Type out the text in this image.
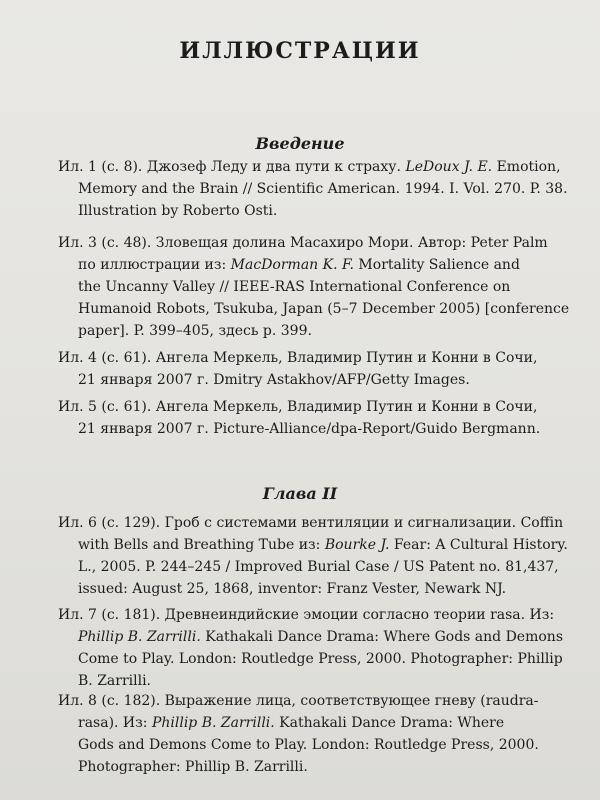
ИЛЛЮСТРАЦИИ
Введение
Ил. 1 (с. 8). Джозеф Леду и два пути к страху. LeDoux J. E. Emotion,
Memory and the Brain // Scientific American. 1994. I. Vol. 270. P. 38.
Illustration by Roberto Osti.
Ил. 3 (с. 48). Зловещая долина Масахиро Мори. Автор: Peter Palm
по иллюстрации из: MacDorman K. F. Mortality Salience and
the Uncanny Valley // IEEE-RAS International Conference on
Humanoid Robots, Tsukuba, Japan (5–7 December 2005) [conference
paper]. P. 399–405, здесь р. 399.
Ил. 4 (с. 61). Ангела Меркель, Владимир Путин и Конни в Сочи,
21 января 2007 г. Dmitry Astakhov/AFP/Getty Images.
Ил. 5 (с. 61). Ангела Меркель, Владимир Путин и Конни в Сочи,
21 января 2007 г. Picture-Alliance/dpa-Report/Guido Bergmann.
Глава II
Ил. 6 (с. 129). Гроб с системами вентиляции и сигнализации. Coffin
with Bells and Breathing Tube из: Bourke J. Fear: A Cultural History.
L., 2005. P. 244–245 / Improved Burial Case / US Patent no. 81,437,
issued: August 25, 1868, inventor: Franz Vester, Newark NJ.
Ил. 7 (с. 181). Древнеиндийские эмоции согласно теории rasa. Из:
Phillip B. Zarrilli. Kathakali Dance Drama: Where Gods and Demons
Come to Play. London: Routledge Press, 2000. Photographer: Phillip
B. Zarrilli.
Ил. 8 (с. 182). Выражение лица, соответствующее гневу (raudra-
rasa). Из: Phillip B. Zarrilli. Kathakali Dance Drama: Where
Gods and Demons Come to Play. London: Routledge Press, 2000.
Photographer: Phillip B. Zarrilli.
